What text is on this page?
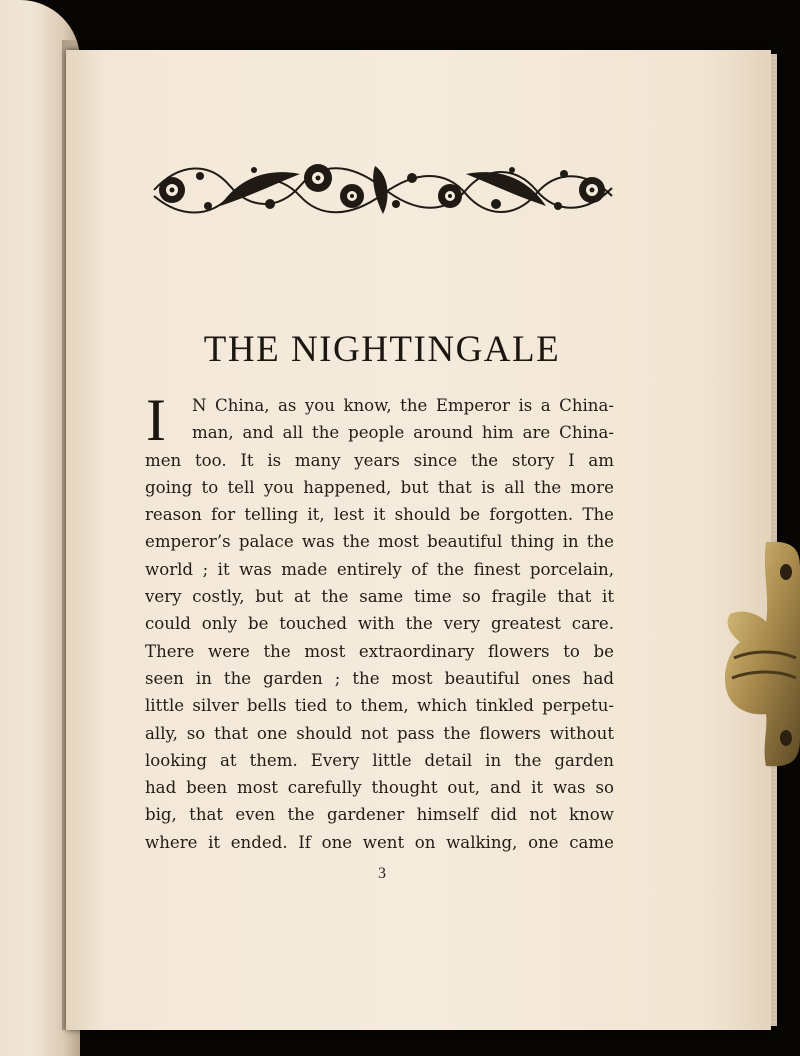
THE NIGHTINGALE
I	N China, as you know, the Emperor is a China-
man, and all the people around him are China-
men too. It is many years since the story I am
going to tell you happened, but that is all the more
reason for telling it, lest it should be forgotten. The
emperor’s palace was the most beautiful thing in the
world ; it was made entirely of the finest porcelain,
very costly, but at the same time so fragile that it
could only be touched with the very greatest care.
There were the most extraordinary flowers to be
seen in the garden ; the most beautiful ones had
little silver bells tied to them, which tinkled perpetu-
ally, so that one should not pass the flowers without
looking at them. Every little detail in the garden
had been most carefully thought out, and it was so
big, that even the gardener himself did not know
where it ended. If one went on walking, one came

3
